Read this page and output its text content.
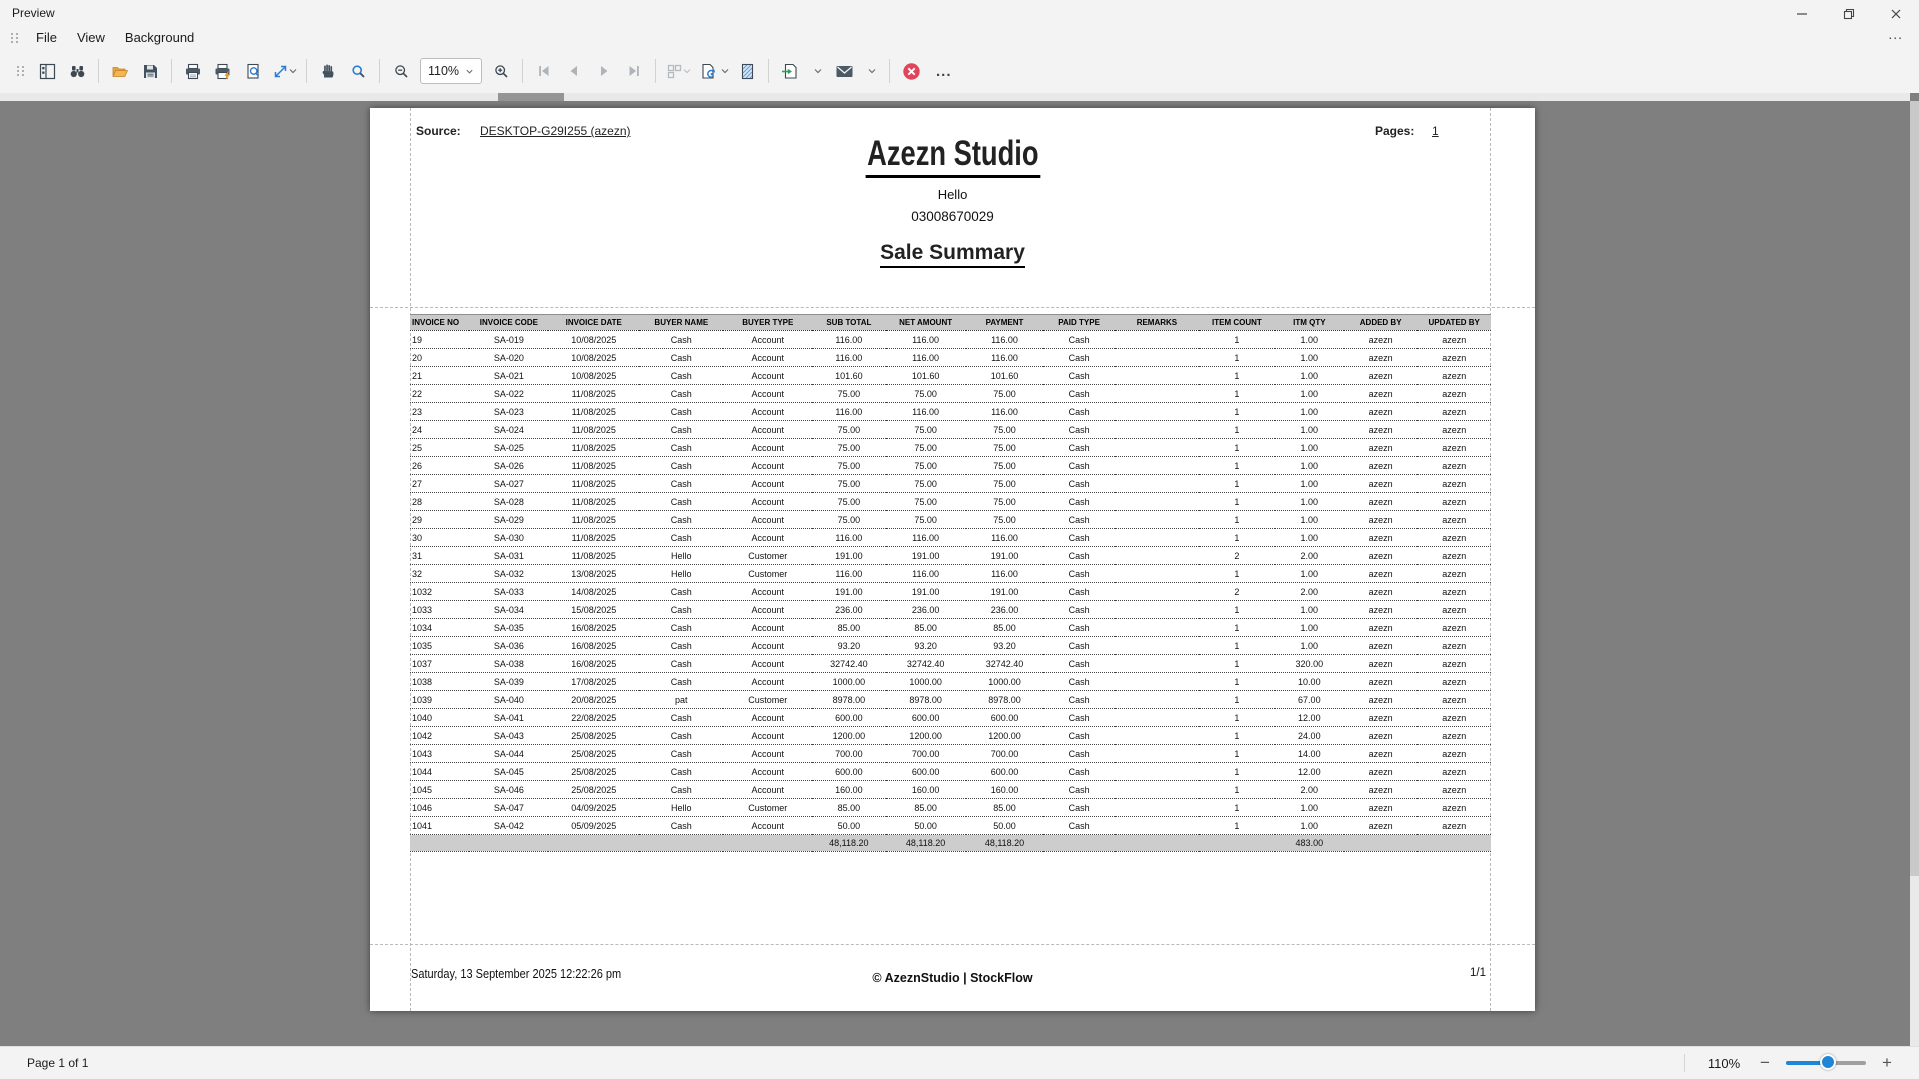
Preview
File	View	Background	...
110%	...
Source: DESKTOP-G29I255 (azezn)	Pages: 1
Azezn Studio
Hello
03008670029
Sale Summary
INVOICE NO	INVOICE CODE	INVOICE DATE	BUYER NAME	BUYER TYPE	SUB TOTAL	NET AMOUNT	PAYMENT	PAID TYPE	REMARKS	ITEM COUNT	ITM QTY	ADDED BY	UPDATED BY
19	SA-019	10/08/2025	Cash	Account	116.00	116.00	116.00	Cash		1	1.00	azezn	azezn
20	SA-020	10/08/2025	Cash	Account	116.00	116.00	116.00	Cash		1	1.00	azezn	azezn
21	SA-021	10/08/2025	Cash	Account	101.60	101.60	101.60	Cash		1	1.00	azezn	azezn
22	SA-022	11/08/2025	Cash	Account	75.00	75.00	75.00	Cash		1	1.00	azezn	azezn
23	SA-023	11/08/2025	Cash	Account	116.00	116.00	116.00	Cash		1	1.00	azezn	azezn
24	SA-024	11/08/2025	Cash	Account	75.00	75.00	75.00	Cash		1	1.00	azezn	azezn
25	SA-025	11/08/2025	Cash	Account	75.00	75.00	75.00	Cash		1	1.00	azezn	azezn
26	SA-026	11/08/2025	Cash	Account	75.00	75.00	75.00	Cash		1	1.00	azezn	azezn
27	SA-027	11/08/2025	Cash	Account	75.00	75.00	75.00	Cash		1	1.00	azezn	azezn
28	SA-028	11/08/2025	Cash	Account	75.00	75.00	75.00	Cash		1	1.00	azezn	azezn
29	SA-029	11/08/2025	Cash	Account	75.00	75.00	75.00	Cash		1	1.00	azezn	azezn
30	SA-030	11/08/2025	Cash	Account	116.00	116.00	116.00	Cash		1	1.00	azezn	azezn
31	SA-031	11/08/2025	Hello	Customer	191.00	191.00	191.00	Cash		2	2.00	azezn	azezn
32	SA-032	13/08/2025	Hello	Customer	116.00	116.00	116.00	Cash		1	1.00	azezn	azezn
1032	SA-033	14/08/2025	Cash	Account	191.00	191.00	191.00	Cash		2	2.00	azezn	azezn
1033	SA-034	15/08/2025	Cash	Account	236.00	236.00	236.00	Cash		1	1.00	azezn	azezn
1034	SA-035	16/08/2025	Cash	Account	85.00	85.00	85.00	Cash		1	1.00	azezn	azezn
1035	SA-036	16/08/2025	Cash	Account	93.20	93.20	93.20	Cash		1	1.00	azezn	azezn
1037	SA-038	16/08/2025	Cash	Account	32742.40	32742.40	32742.40	Cash		1	320.00	azezn	azezn
1038	SA-039	17/08/2025	Cash	Account	1000.00	1000.00	1000.00	Cash		1	10.00	azezn	azezn
1039	SA-040	20/08/2025	pat	Customer	8978.00	8978.00	8978.00	Cash		1	67.00	azezn	azezn
1040	SA-041	22/08/2025	Cash	Account	600.00	600.00	600.00	Cash		1	12.00	azezn	azezn
1042	SA-043	25/08/2025	Cash	Account	1200.00	1200.00	1200.00	Cash		1	24.00	azezn	azezn
1043	SA-044	25/08/2025	Cash	Account	700.00	700.00	700.00	Cash		1	14.00	azezn	azezn
1044	SA-045	25/08/2025	Cash	Account	600.00	600.00	600.00	Cash		1	12.00	azezn	azezn
1045	SA-046	25/08/2025	Cash	Account	160.00	160.00	160.00	Cash		1	2.00	azezn	azezn
1046	SA-047	04/09/2025	Hello	Customer	85.00	85.00	85.00	Cash		1	1.00	azezn	azezn
1041	SA-042	05/09/2025	Cash	Account	50.00	50.00	50.00	Cash		1	1.00	azezn	azezn
					48,118.20	48,118.20	48,118.20				483.00		
Saturday, 13 September 2025 12:22:26 pm	© AzeznStudio | StockFlow	1/1
Page 1 of 1	110% −	+
